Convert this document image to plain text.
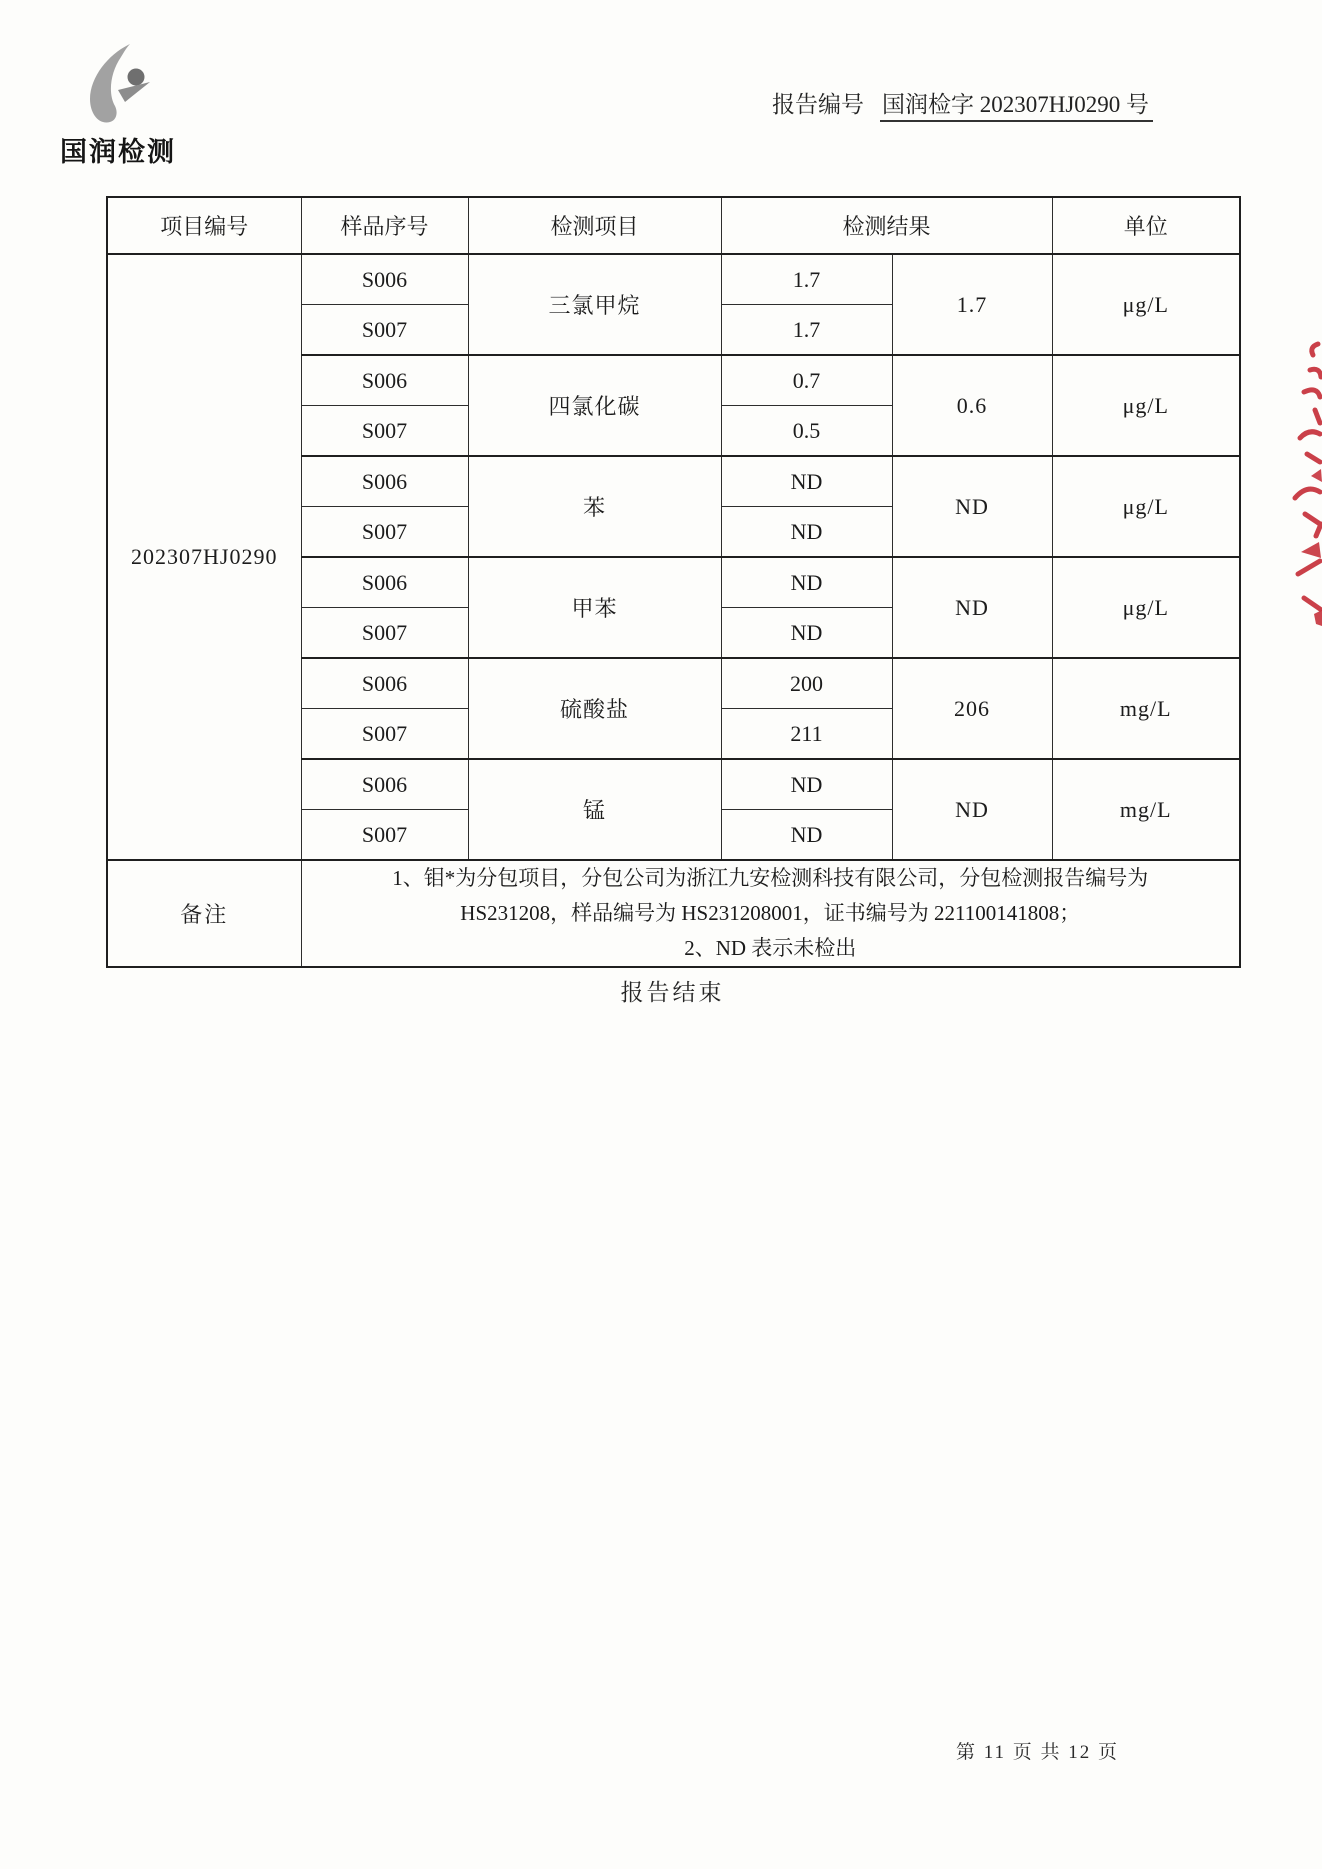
国润检测
报告编号 国润检字 202307HJ0290 号
项目编号	样品序号	检测项目	检测结果		单位
202307HJ0290	S006	三氯甲烷	1.7	1.7	μg/L
	S007		1.7		
	S006	四氯化碳	0.7	0.6	μg/L
	S007		0.5		
	S006	苯	ND	ND	μg/L
	S007		ND		
	S006	甲苯	ND	ND	μg/L
	S007		ND		
	S006	硫酸盐	200	206	mg/L
	S007		211		
	S006	锰	ND	ND	mg/L
	S007		ND		
备注	1、钼*为分包项目，分包公司为浙江九安检测科技有限公司，分包检测报告编号为
HS231208，样品编号为 HS231208001，证书编号为 221100141808；
2、ND 表示未检出				
报告结束
第 11 页 共 12 页
